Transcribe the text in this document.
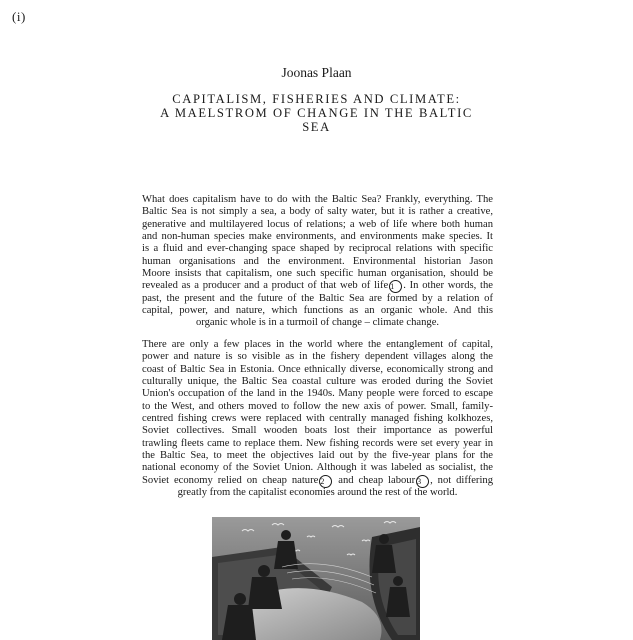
(i)
Joonas Plaan
CAPITALISM, FISHERIES AND CLIMATE:
A MAELSTROM OF CHANGE IN THE BALTIC
SEA
What does capitalism have to do with the Baltic Sea? Frankly, everything. The
Baltic Sea is not simply a sea, a body of salty water, but it is rather a creative,
generative and multilayered locus of relations; a web of life where both human
and non-human species make environments, and environments make species. It
is a fluid and ever-changing space shaped by reciprocal relations with specific
human organisations and the environment. Environmental historian Jason
Moore insists that capitalism, one such specific human organisation, should be
revealed as a producer and a product of that web of life 1 . In other words, the
past, the present and the future of the Baltic Sea are formed by a relation of
capital, power, and nature, which functions as an organic whole. And this
organic whole is in a turmoil of change – climate change.
There are only a few places in the world where the entanglement of capital,
power and nature is so visible as in the fishery dependent villages along the
coast of Baltic Sea in Estonia. Once ethnically diverse, economically strong and
culturally unique, the Baltic Sea coastal culture was eroded during the Soviet
Union's occupation of the land in the 1940s. Many people were forced to escape
to the West, and others moved to follow the new axis of power. Small, family-
centred fishing crews were replaced with centrally managed fishing kolkhozes,
Soviet collectives. Small wooden boats lost their importance as powerful
trawling fleets came to replace them. New fishing records were set every year in
the Baltic Sea, to meet the objectives laid out by the five-year plans for the
national economy of the Soviet Union. Although it was labeled as socialist, the
Soviet economy relied on cheap nature 2 and cheap labour 3 , not differing
greatly from the capitalist economies around the rest of the world.
